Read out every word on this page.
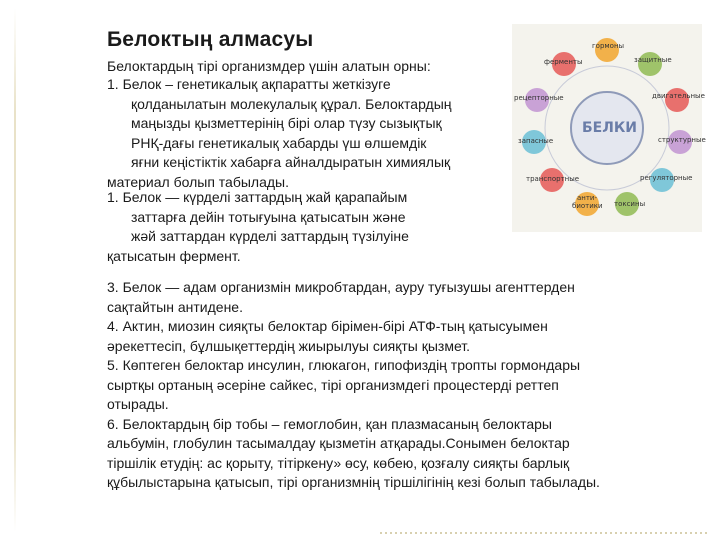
Белоктың алмасуы
Белоктардың тірі организмдер үшін алатын орны:
1. Белок – генетикалық ақпаратты жеткізуге
қолданылатын молекулалық құрал. Белоктардың
маңызды қызметтерінің бірі олар түзу сызықтық
РНҚ-дағы генетикалық хабарды үш өлшемдік
яғни кеңістіктік хабарға айналдыратын химиялық
материал болып табылады.
1. Белок — күрделі заттардың жай қарапайым
заттарға дейін тотығуына қатысатын және
жәй заттардан күрделі заттардың түзілуіне
қатысатын фермент.
3. Белок — адам организмін микробтардан, ауру туғызушы агенттерден
сақтайтын антидене.
4. Актин, миозин сияқты белоктар бірімен-бірі АТФ-тың қатысуымен
әрекеттесіп, бұлшықеттердің жиырылуы сияқты қызмет.
5. Көптеген белоктар инсулин, глюкагон, гипофиздің тропты гормондары
сыртқы ортаның әсеріне сайкес, тірі организмдегі процестерді реттеп
отырады.
6. Белоктардың бір тобы – гемоглобин, қан плазмасаның белоктары
альбумін, глобулин тасымалдау қызметін атқарады.Сонымен белоктар
тіршілік етудің: ас қорыту, тітіркену» өсу, көбею, қозғалу сияқты барлық
құбылыстарына қатысып, тірі организмнің тіршілігінің кезі болып табылады.
БЕЛКИ
гормоны
защитные
двигательные
структурные
регуляторные
токсины
анти- биотики
транспортные
запасные
рецепторные
ферменты
